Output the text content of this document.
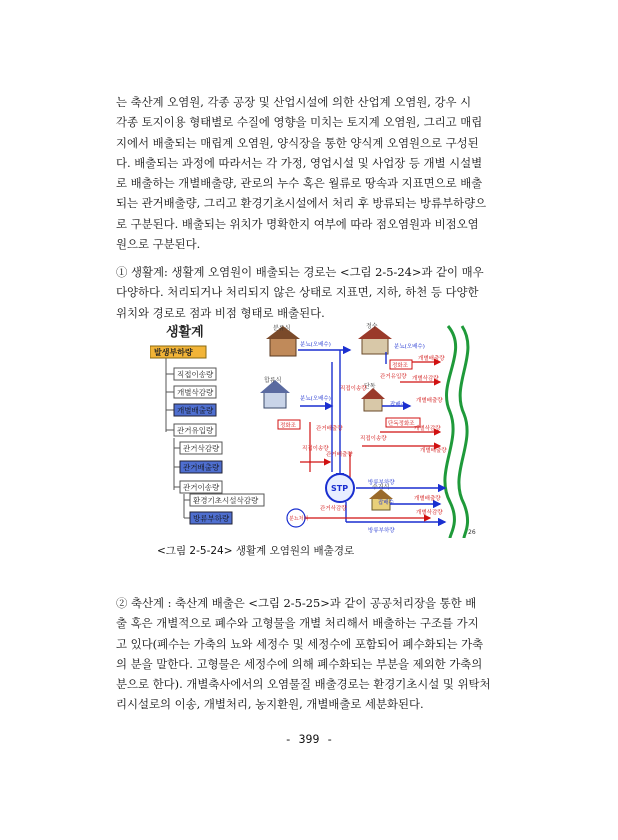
는 축산계 오염원, 각종 공장 및 산업시설에 의한 산업계 오염원, 강우 시
각종 토지이용 형태별로 수질에 영향을 미치는 토지계 오염원, 그리고 매립
지에서 배출되는 매립계 오염원, 양식장을 통한 양식계 오염원으로 구성된
다. 배출되는 과정에 따라서는 각 가정, 영업시설 및 사업장 등 개별 시설별
로 배출하는 개별배출량, 관로의 누수 혹은 월류로 땅속과 지표면으로 배출
되는 관거배출량, 그리고 환경기초시설에서 처리 후 방류되는 방류부하량으
로 구분된다. 배출되는 위치가 명확한지 여부에 따라 점오염원과 비점오염
원으로 구분된다.
① 생활계: 생활계 오염원이 배출되는 경로는 <그림 2-5-24>과 같이 매우
다양하다. 처리되거나 처리되지 않은 상태로 지표면, 지하, 하천 등 다양한
위치와 경로로 점과 비점 형태로 배출된다.
생활계
발생부하량
직접이송량
개별삭감량
개별배출량
관거유입량
관거삭감량
관거배출량
관거이송량
환경기초시설삭감량
방류부하량
분류식	정수
합류식
단독
수거식
STP
분뇨처리
정화조
정화조	단독정화조
개별배출량
개별삭감량
관거유입량
직접이송량
개별배출량
개별삭감량
관거배출량
직접이송량
직접이송량
관거배출량
개별배출량
관거삭감량
개별배출량
개별삭감량
분뇨(오배수)	분뇨(오배수)
잡배수
분뇨(오배수)
방류부하량
방류부하량
잡배수
26
<그림 2-5-24> 생활계 오염원의 배출경로
② 축산계 : 축산계 배출은 <그림 2-5-25>과 같이 공공처리장을 통한 배
출 혹은 개별적으로 폐수와 고형물을 개별 처리해서 배출하는 구조를 가지
고 있다(폐수는 가축의 뇨와 세정수 및 세정수에 포함되어 폐수화되는 가축
의 분을 말한다. 고형물은 세정수에 의해 폐수화되는 부분을 제외한 가축의
분으로 한다). 개별축사에서의 오염물질 배출경로는 환경기초시설 및 위탁처
리시설로의 이송, 개별처리, 농지환원, 개별배출로 세분화된다.
- 399 -
